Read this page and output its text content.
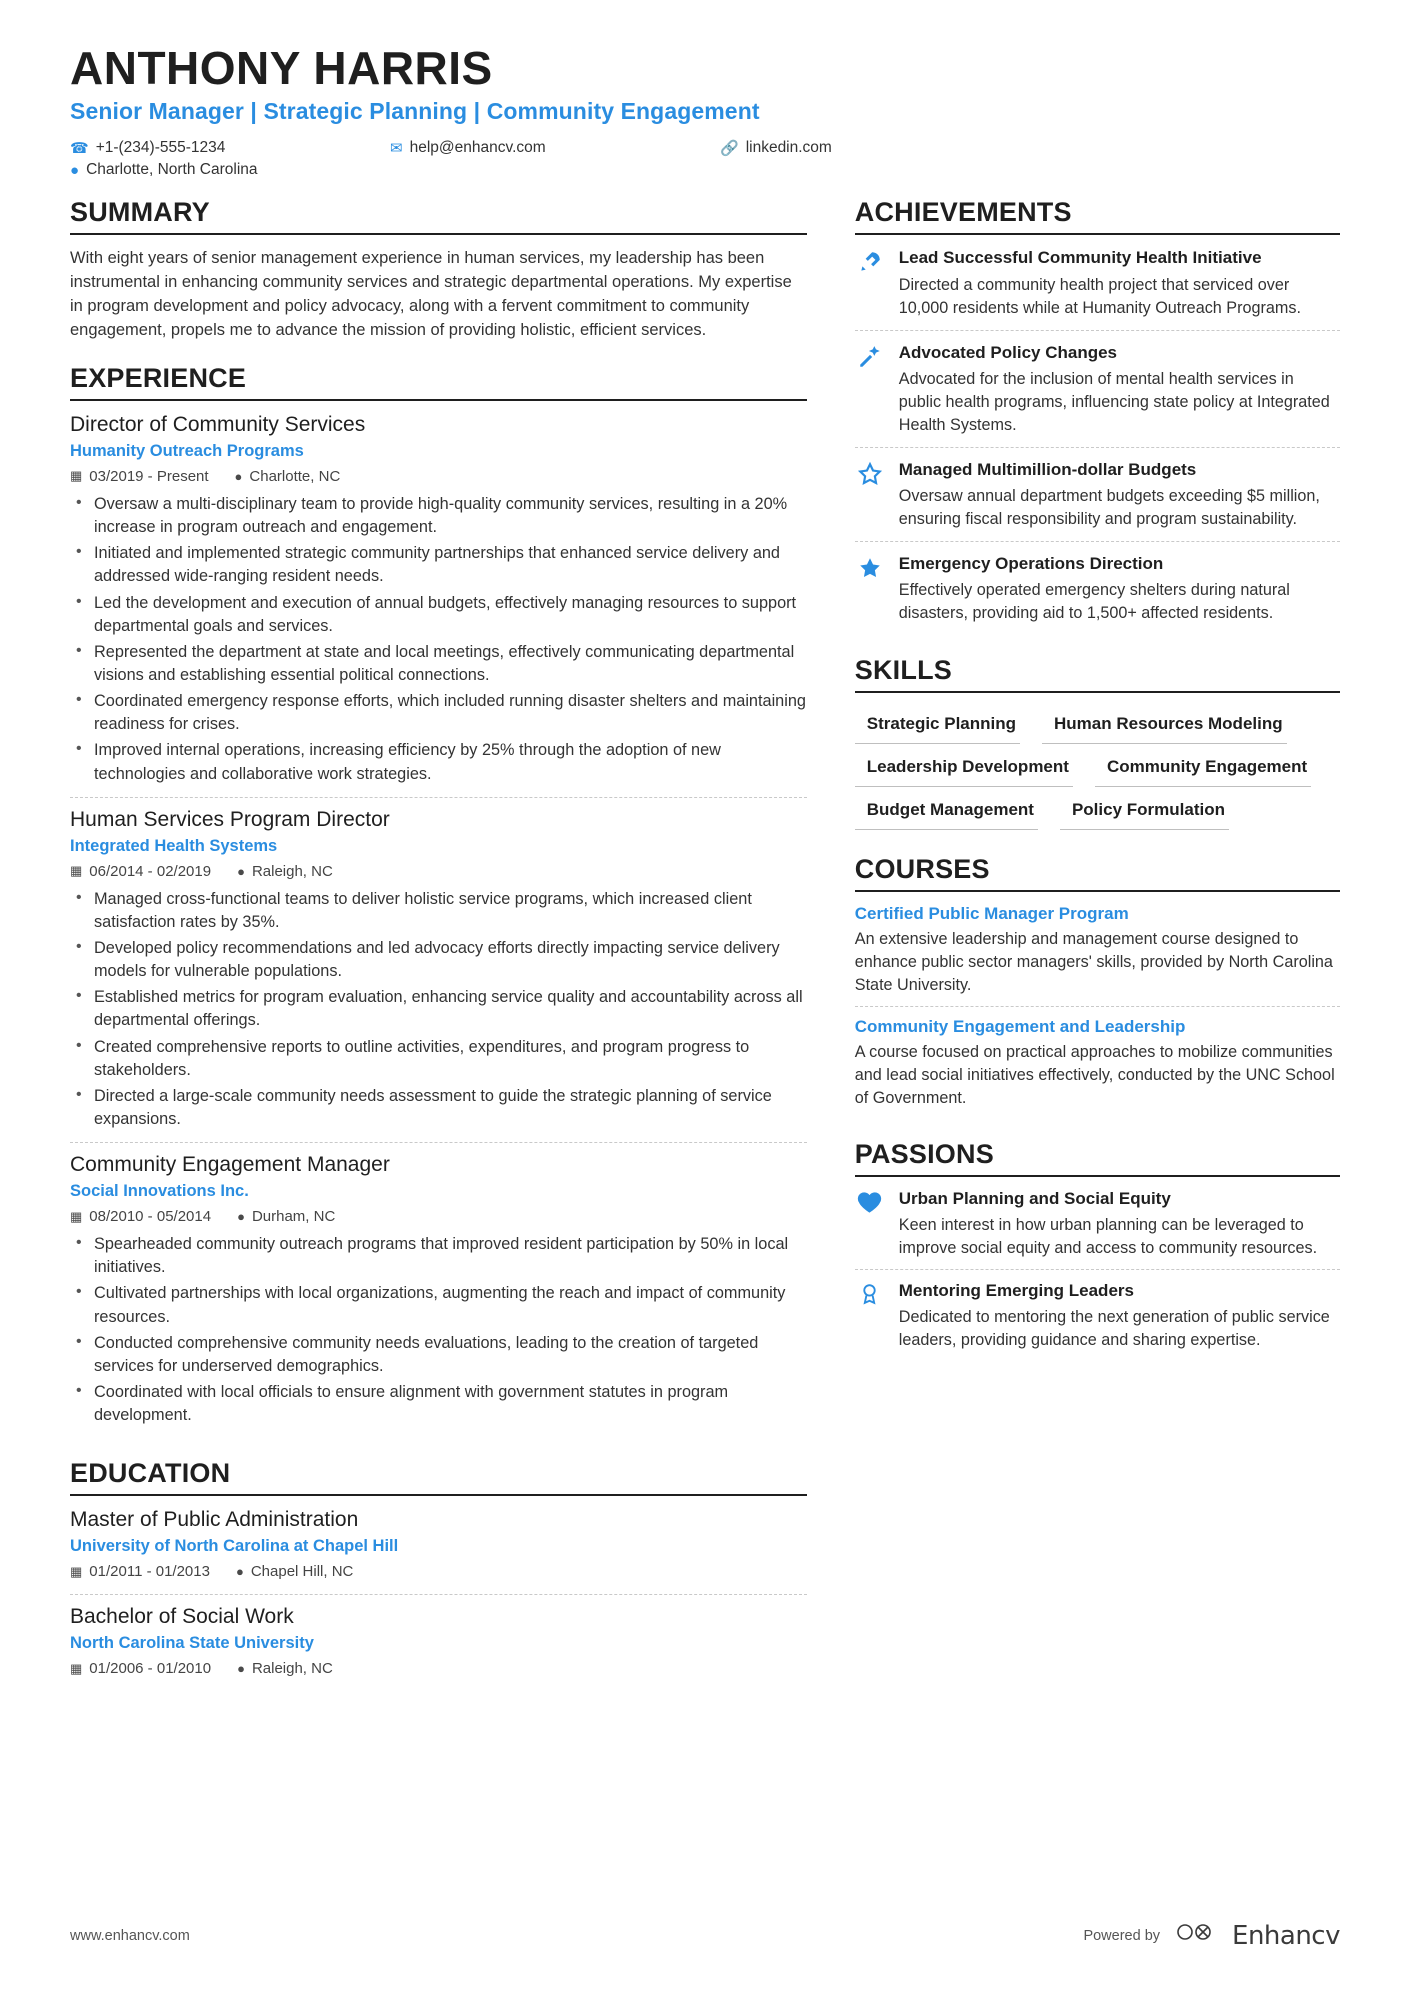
ANTHONY HARRIS
Senior Manager | Strategic Planning | Community Engagement
☎ +1-(234)-555-1234	✉ help@enhancv.com	🔗 linkedin.com
● Charlotte, North Carolina
SUMMARY

With eight years of senior management experience in human services, my leadership has been instrumental in enhancing community services and strategic departmental operations. My expertise in program development and policy advocacy, along with a fervent commitment to community engagement, propels me to advance the mission of providing holistic, efficient services.

EXPERIENCE
Director of Community Services
Humanity Outreach Programs
▦ 03/2019 - Present ● Charlotte, NC
• Oversaw a multi-disciplinary team to provide high-quality community services, resulting in a 20% increase in program outreach and engagement.
• Initiated and implemented strategic community partnerships that enhanced service delivery and addressed wide-ranging resident needs.
• Led the development and execution of annual budgets, effectively managing resources to support departmental goals and services.
• Represented the department at state and local meetings, effectively communicating departmental visions and establishing essential political connections.
• Coordinated emergency response efforts, which included running disaster shelters and maintaining readiness for crises.
• Improved internal operations, increasing efficiency by 25% through the adoption of new technologies and collaborative work strategies.
Human Services Program Director
Integrated Health Systems
▦ 06/2014 - 02/2019 ● Raleigh, NC
• Managed cross-functional teams to deliver holistic service programs, which increased client satisfaction rates by 35%.
• Developed policy recommendations and led advocacy efforts directly impacting service delivery models for vulnerable populations.
• Established metrics for program evaluation, enhancing service quality and accountability across all departmental offerings.
• Created comprehensive reports to outline activities, expenditures, and program progress to stakeholders.
• Directed a large-scale community needs assessment to guide the strategic planning of service expansions.
Community Engagement Manager
Social Innovations Inc.
▦ 08/2010 - 05/2014 ● Durham, NC
• Spearheaded community outreach programs that improved resident participation by 50% in local initiatives.
• Cultivated partnerships with local organizations, augmenting the reach and impact of community resources.
• Conducted comprehensive community needs evaluations, leading to the creation of targeted services for underserved demographics.
• Coordinated with local officials to ensure alignment with government statutes in program development.
EDUCATION
Master of Public Administration
University of North Carolina at Chapel Hill
▦ 01/2011 - 01/2013 ● Chapel Hill, NC
Bachelor of Social Work
North Carolina State University
▦ 01/2006 - 01/2010 ● Raleigh, NC
ACHIEVEMENTS
Lead Successful Community Health Initiative

Directed a community health project that serviced over 10,000 residents while at Humanity Outreach Programs.

Advocated Policy Changes

Advocated for the inclusion of mental health services in public health programs, influencing state policy at Integrated Health Systems.

Managed Multimillion-dollar Budgets

Oversaw annual department budgets exceeding $5 million, ensuring fiscal responsibility and program sustainability.

Emergency Operations Direction

Effectively operated emergency shelters during natural disasters, providing aid to 1,500+ affected residents.

SKILLS
Strategic Planning	Human Resources Modeling
Leadership Development	Community Engagement
Budget Management	Policy Formulation
COURSES
Certified Public Manager Program

An extensive leadership and management course designed to enhance public sector managers' skills, provided by North Carolina State University.

Community Engagement and Leadership

A course focused on practical approaches to mobilize communities and lead social initiatives effectively, conducted by the UNC School of Government.

PASSIONS
Urban Planning and Social Equity

Keen interest in how urban planning can be leveraged to improve social equity and access to community resources.

Mentoring Emerging Leaders

Dedicated to mentoring the next generation of public service leaders, providing guidance and sharing expertise.

www.enhancv.com	Powered by	Enhancv
